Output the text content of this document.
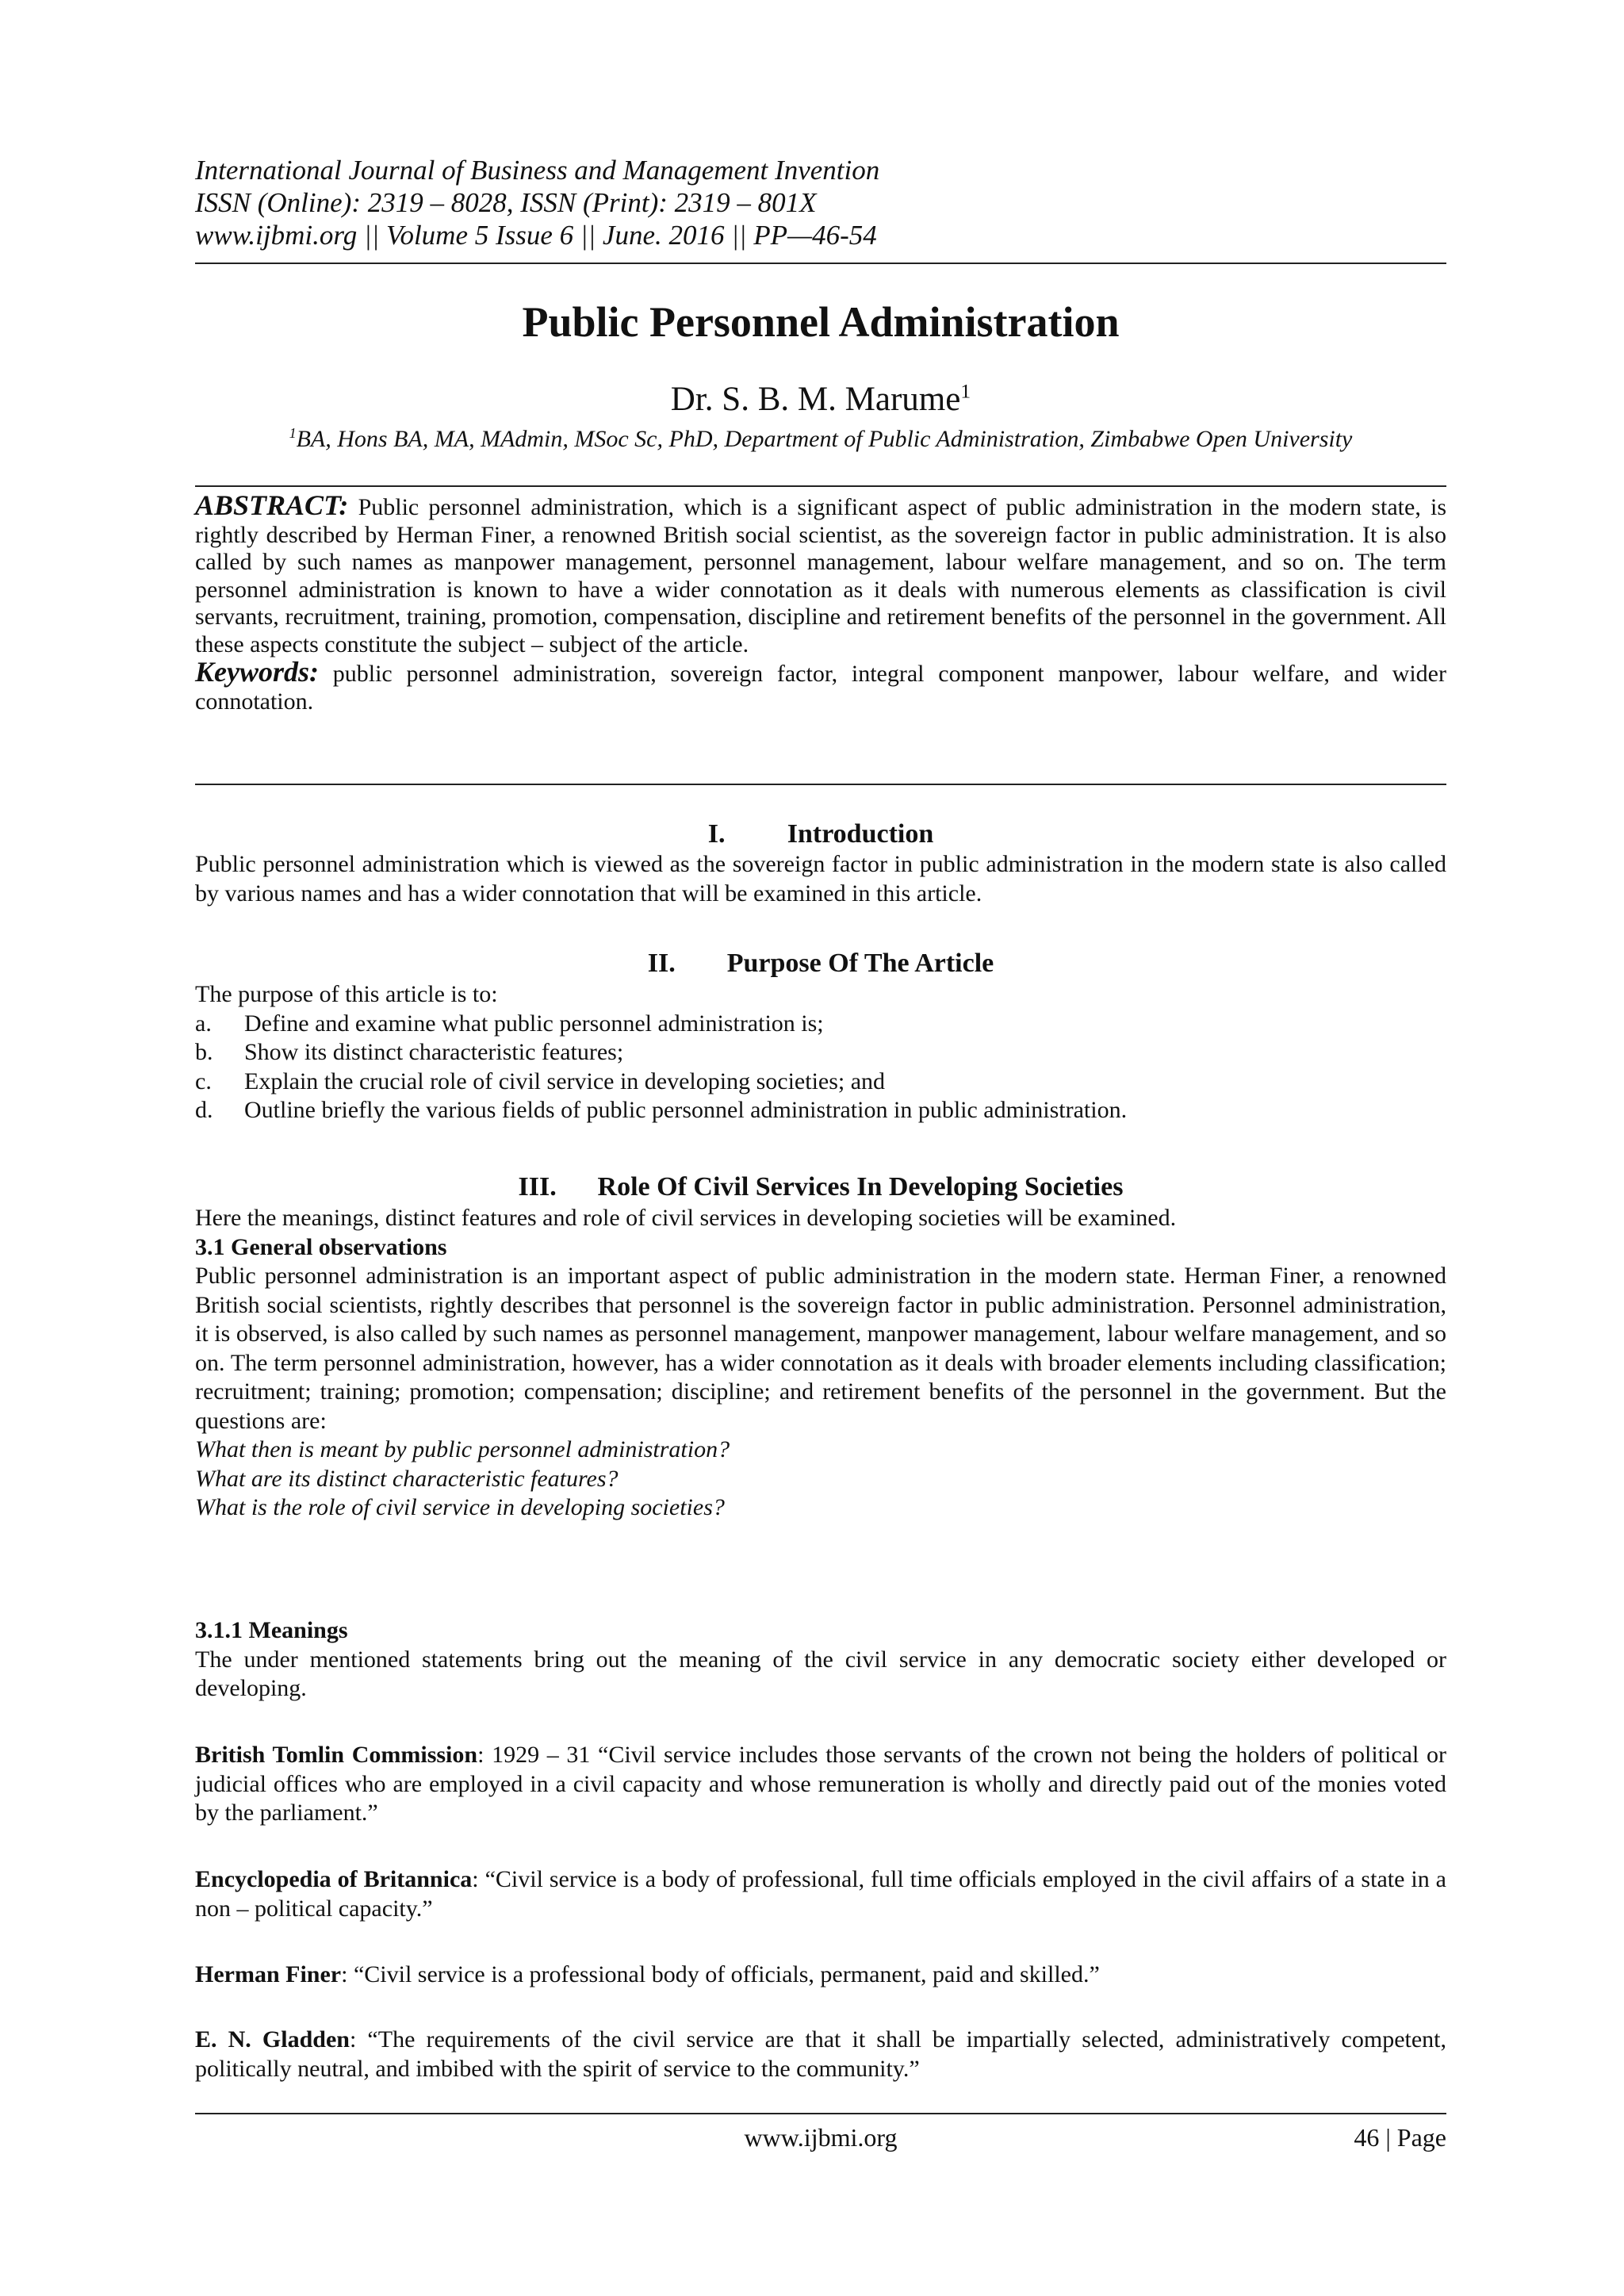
International Journal of Business and Management Invention
ISSN (Online): 2319 – 8028, ISSN (Print): 2319 – 801X
www.ijbmi.org || Volume 5 Issue 6 || June. 2016 || PP—46-54
Public Personnel Administration
Dr. S. B. M. Marume$^1$
$^1$BA, Hons BA, MA, MAdmin, MSoc Sc, PhD, Department of Public Administration, Zimbabwe Open University
ABSTRACT: Public personnel administration, which is a significant aspect of public administration in the modern state, is rightly described by Herman Finer, a renowned British social scientist, as the sovereign factor in public administration. It is also called by such names as manpower management, personnel management, labour welfare management, and so on. The term personnel administration is known to have a wider connotation as it deals with numerous elements as classification is civil servants, recruitment, training, promotion, compensation, discipline and retirement benefits of the personnel in the government. All these aspects constitute the subject – subject of the article.
Keywords: public personnel administration, sovereign factor, integral component manpower, labour welfare, and wider connotation.
I. Introduction
Public personnel administration which is viewed as the sovereign factor in public administration in the modern state is also called by various names and has a wider connotation that will be examined in this article.
II. Purpose Of The Article

The purpose of this article is to:

a.	Define and examine what public personnel administration is;
b.	Show its distinct characteristic features;
c.	Explain the crucial role of civil service in developing societies; and
d.	Outline briefly the various fields of public personnel administration in public administration.
III. Role Of Civil Services In Developing Societies

Here the meanings, distinct features and role of civil services in developing societies will be examined.

3.1 General observations

Public personnel administration is an important aspect of public administration in the modern state. Herman Finer, a renowned British social scientists, rightly describes that personnel is the sovereign factor in public administration. Personnel administration, it is observed, is also called by such names as personnel management, manpower management, labour welfare management, and so on. The term personnel administration, however, has a wider connotation as it deals with broader elements including classification; recruitment; training; promotion; compensation; discipline; and retirement benefits of the personnel in the government. But the questions are:

What then is meant by public personnel administration?

What are its distinct characteristic features?

What is the role of civil service in developing societies?

3.1.1 Meanings

The under mentioned statements bring out the meaning of the civil service in any democratic society either developed or developing.

British Tomlin Commission: 1929 – 31 “Civil service includes those servants of the crown not being the holders of political or judicial offices who are employed in a civil capacity and whose remuneration is wholly and directly paid out of the monies voted by the parliament.”
Encyclopedia of Britannica: “Civil service is a body of professional, full time officials employed in the civil affairs of a state in a non – political capacity.”
Herman Finer: “Civil service is a professional body of officials, permanent, paid and skilled.”
E. N. Gladden: “The requirements of the civil service are that it shall be impartially selected, administratively competent, politically neutral, and imbibed with the spirit of service to the community.”
www.ijbmi.org	46 | Page
